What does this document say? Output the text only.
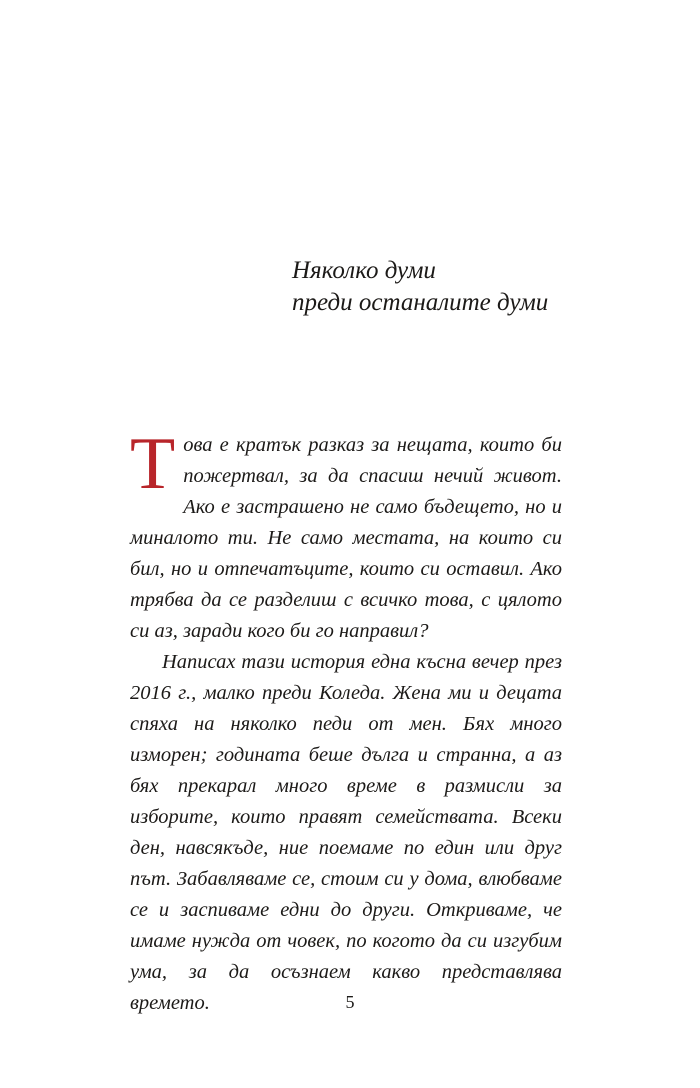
Няколко думи
преди останалите думи

Това е кратък разказ за нещата, които би пожертвал, за да спасиш нечий живот. Ако е застрашено не само бъдещето, но и миналото ти. Не само местата, на които си бил, но и отпечатъците, които си оставил. Ако трябва да се разделиш с всичко това, с цялото си аз, заради кого би го направил?

Написах тази история една късна вечер през 2016 г., малко преди Коледа. Жена ми и децата спяха на няколко педи от мен. Бях много изморен; годината беше дълга и странна, а аз бях прекарал много време в размисли за изборите, които правят семействата. Всеки ден, навсякъде, ние поемаме по един или друг път. Забавляваме се, стоим си у дома, влюбваме се и заспиваме едни до други. Откриваме, че имаме нужда от човек, по когото да си изгубим ума, за да осъзнаем какво представлява времето.	5
